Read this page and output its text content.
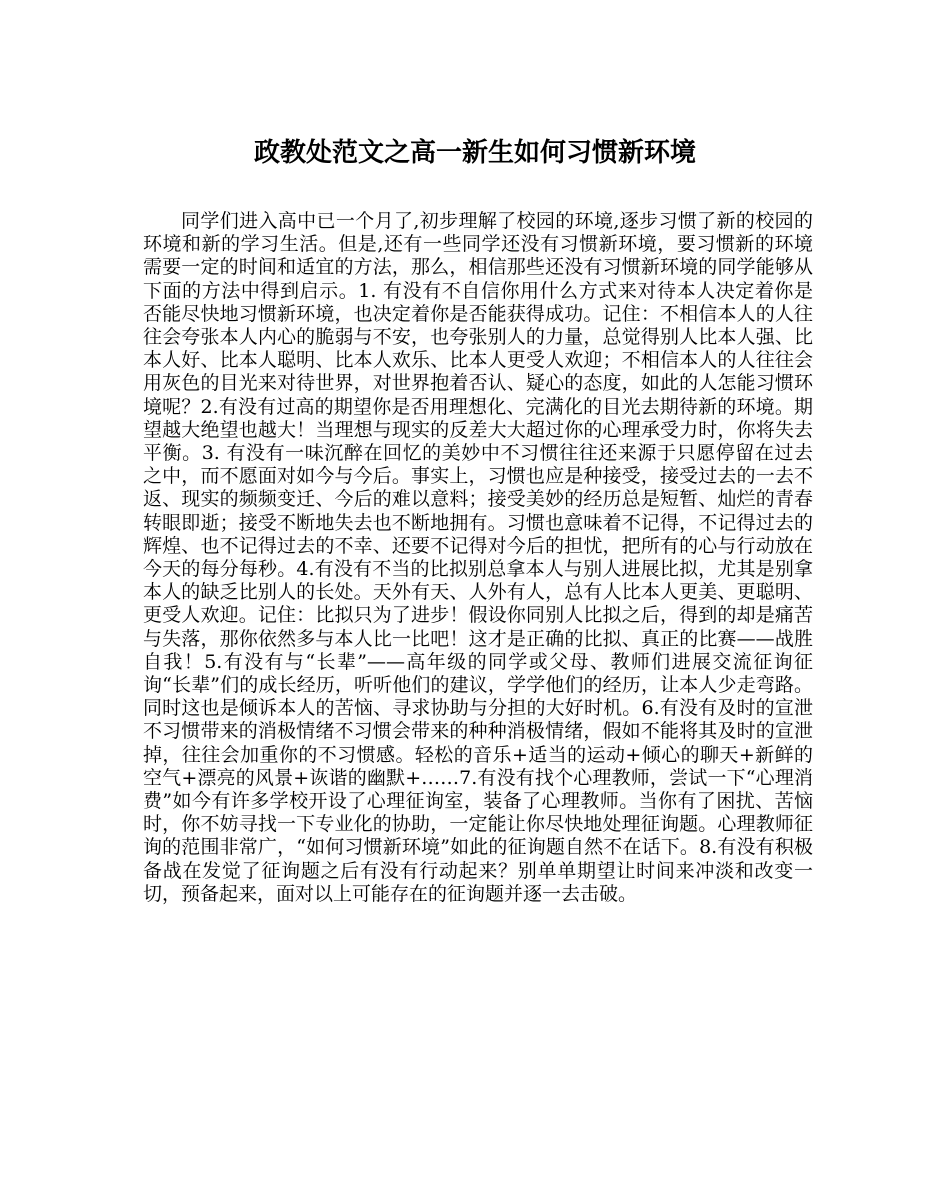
政教处范文之高一新生如何习惯新环境

同学们进入高中已一个月了,初步理解了校园的环境,逐步习惯了新的校园的环境和新的学习生活。但是,还有一些同学还没有习惯新环境，要习惯新的环境需要一定的时间和适宜的方法，那么，相信那些还没有习惯新环境的同学能够从下面的方法中得到启示。1. 有没有不自信你用什么方式来对待本人决定着你是否能尽快地习惯新环境，也决定着你是否能获得成功。记住：不相信本人的人往往会夸张本人内心的脆弱与不安，也夸张别人的力量，总觉得别人比本人强、比本人好、比本人聪明、比本人欢乐、比本人更受人欢迎；不相信本人的人往往会用灰色的目光来对待世界，对世界抱着否认、疑心的态度，如此的人怎能习惯环境呢？2.有没有过高的期望你是否用理想化、完满化的目光去期待新的环境。期望越大绝望也越大！当理想与现实的反差大大超过你的心理承受力时，你将失去平衡。3. 有没有一味沉醉在回忆的美妙中不习惯往往还来源于只愿停留在过去之中，而不愿面对如今与今后。事实上，习惯也应是种接受，接受过去的一去不返、现实的频频变迁、今后的难以意料；接受美妙的经历总是短暂、灿烂的青春转眼即逝；接受不断地失去也不断地拥有。习惯也意味着不记得，不记得过去的辉煌、也不记得过去的不幸、还要不记得对今后的担忧，把所有的心与行动放在今天的每分每秒。4.有没有不当的比拟别总拿本人与别人进展比拟，尤其是别拿本人的缺乏比别人的长处。天外有天、人外有人，总有人比本人更美、更聪明、更受人欢迎。记住：比拟只为了进步！假设你同别人比拟之后，得到的却是痛苦与失落，那你依然多与本人比一比吧！这才是正确的比拟、真正的比赛——战胜自我！5.有没有与“长辈”——高年级的同学或父母、教师们进展交流征询征询“长辈”们的成长经历，听听他们的建议，学学他们的经历，让本人少走弯路。同时这也是倾诉本人的苦恼、寻求协助与分担的大好时机。6.有没有及时的宣泄不习惯带来的消极情绪不习惯会带来的种种消极情绪，假如不能将其及时的宣泄掉，往往会加重你的不习惯感。轻松的音乐+适当的运动+倾心的聊天+新鲜的空气+漂亮的风景+诙谐的幽默+……7.有没有找个心理教师，尝试一下“心理消费”如今有许多学校开设了心理征询室，装备了心理教师。当你有了困扰、苦恼时，你不妨寻找一下专业化的协助，一定能让你尽快地处理征询题。心理教师征询的范围非常广，“如何习惯新环境”如此的征询题自然不在话下。8.有没有积极备战在发觉了征询题之后有没有行动起来？别单单期望让时间来冲淡和改变一切，预备起来，面对以上可能存在的征询题并逐一去击破。
